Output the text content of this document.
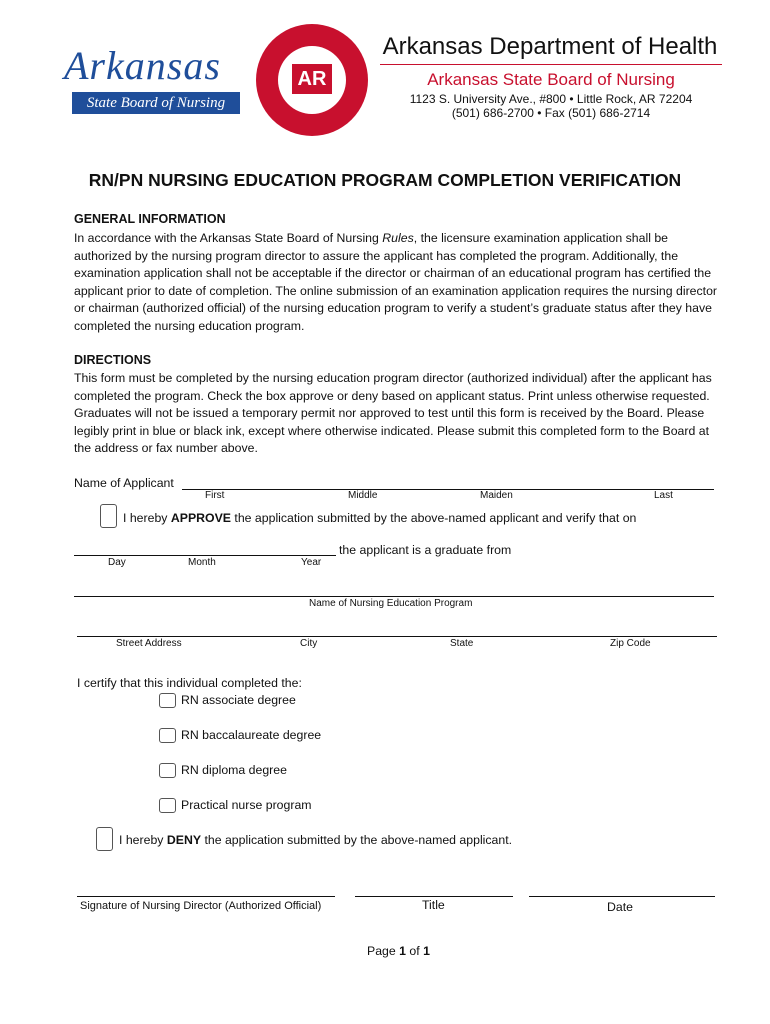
Arkansas
State Board of Nursing
AR
Arkansas Department of Health
Arkansas State Board of Nursing
1123 S. University Ave., #800 • Little Rock, AR 72204
(501) 686-2700 • Fax (501) 686-2714
RN/PN NURSING EDUCATION PROGRAM COMPLETION VERIFICATION
GENERAL INFORMATION
In accordance with the Arkansas State Board of Nursing Rules, the licensure examination application shall be authorized by the nursing program director to assure the applicant has completed the program. Additionally, the examination application shall not be acceptable if the director or chairman of an educational program has certified the applicant prior to date of completion. The online submission of an examination application requires the nursing director or chairman (authorized official) of the nursing education program to verify a student’s graduate status after they have completed the nursing education program.
DIRECTIONS
This form must be completed by the nursing education program director (authorized individual) after the applicant has completed the program. Check the box approve or deny based on applicant status. Print unless otherwise requested. Graduates will not be issued a temporary permit nor approved to test until this form is received by the Board. Please legibly print in blue or black ink, except where otherwise indicated. Please submit this completed form to the Board at the address or fax number above.
Name of Applicant
First	Middle	Maiden	Last
I hereby APPROVE the application submitted by the above-named applicant and verify that on
the applicant is a graduate from
Day	Month	Year
Name of Nursing Education Program
Street Address	City	State	Zip Code
I certify that this individual completed the:
RN associate degree
RN baccalaureate degree
RN diploma degree
Practical nurse program
I hereby DENY the application submitted by the above-named applicant.
Signature of Nursing Director (Authorized Official)	Title	Date
Page 1 of 1
